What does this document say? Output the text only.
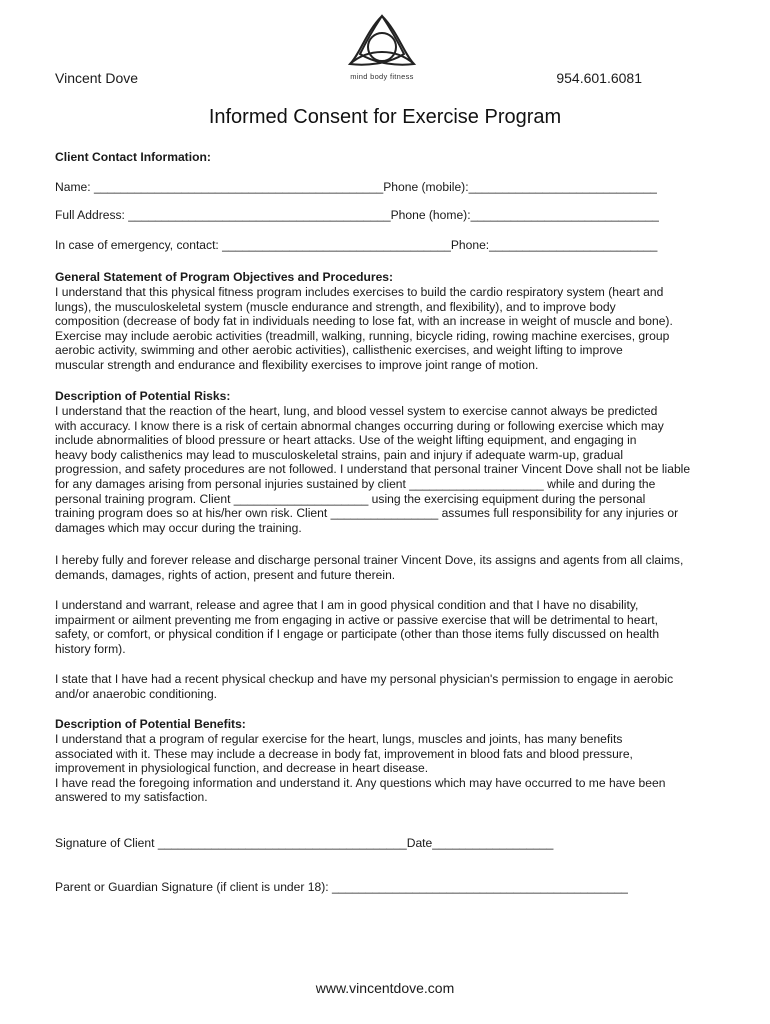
mind body fitness
Vincent Dove	954.601.6081
Informed Consent for Exercise Program
Client Contact Information:
Name: ___________________________________________Phone (mobile):____________________________
Full Address: _______________________________________Phone (home):____________________________
In case of emergency, contact: __________________________________Phone:_________________________
General Statement of Program Objectives and Procedures:
I understand that this physical fitness program includes exercises to build the cardio respiratory system (heart and
lungs), the musculoskeletal system (muscle endurance and strength, and flexibility), and to improve body
composition (decrease of body fat in individuals needing to lose fat, with an increase in weight of muscle and bone).
Exercise may include aerobic activities (treadmill, walking, running, bicycle riding, rowing machine exercises, group
aerobic activity, swimming and other aerobic activities), callisthenic exercises, and weight lifting to improve
muscular strength and endurance and flexibility exercises to improve joint range of motion.
Description of Potential Risks:
I understand that the reaction of the heart, lung, and blood vessel system to exercise cannot always be predicted
with accuracy. I know there is a risk of certain abnormal changes occurring during or following exercise which may
include abnormalities of blood pressure or heart attacks. Use of the weight lifting equipment, and engaging in
heavy body calisthenics may lead to musculoskeletal strains, pain and injury if adequate warm-up, gradual
progression, and safety procedures are not followed. I understand that personal trainer Vincent Dove shall not be liable
for any damages arising from personal injuries sustained by client ____________________ while and during the
personal training program. Client ____________________ using the exercising equipment during the personal
training program does so at his/her own risk. Client ________________ assumes full responsibility for any injuries or
damages which may occur during the training.
I hereby fully and forever release and discharge personal trainer Vincent Dove, its assigns and agents from all claims,
demands, damages, rights of action, present and future therein.
I understand and warrant, release and agree that I am in good physical condition and that I have no disability,
impairment or ailment preventing me from engaging in active or passive exercise that will be detrimental to heart,
safety, or comfort, or physical condition if I engage or participate (other than those items fully discussed on health
history form).
I state that I have had a recent physical checkup and have my personal physician's permission to engage in aerobic
and/or anaerobic conditioning.
Description of Potential Benefits:
I understand that a program of regular exercise for the heart, lungs, muscles and joints, has many benefits
associated with it. These may include a decrease in body fat, improvement in blood fats and blood pressure,
improvement in physiological function, and decrease in heart disease.
I have read the foregoing information and understand it. Any questions which may have occurred to me have been
answered to my satisfaction.
Signature of Client _____________________________________Date__________________
Parent or Guardian Signature (if client is under 18): ____________________________________________
www.vincentdove.com
